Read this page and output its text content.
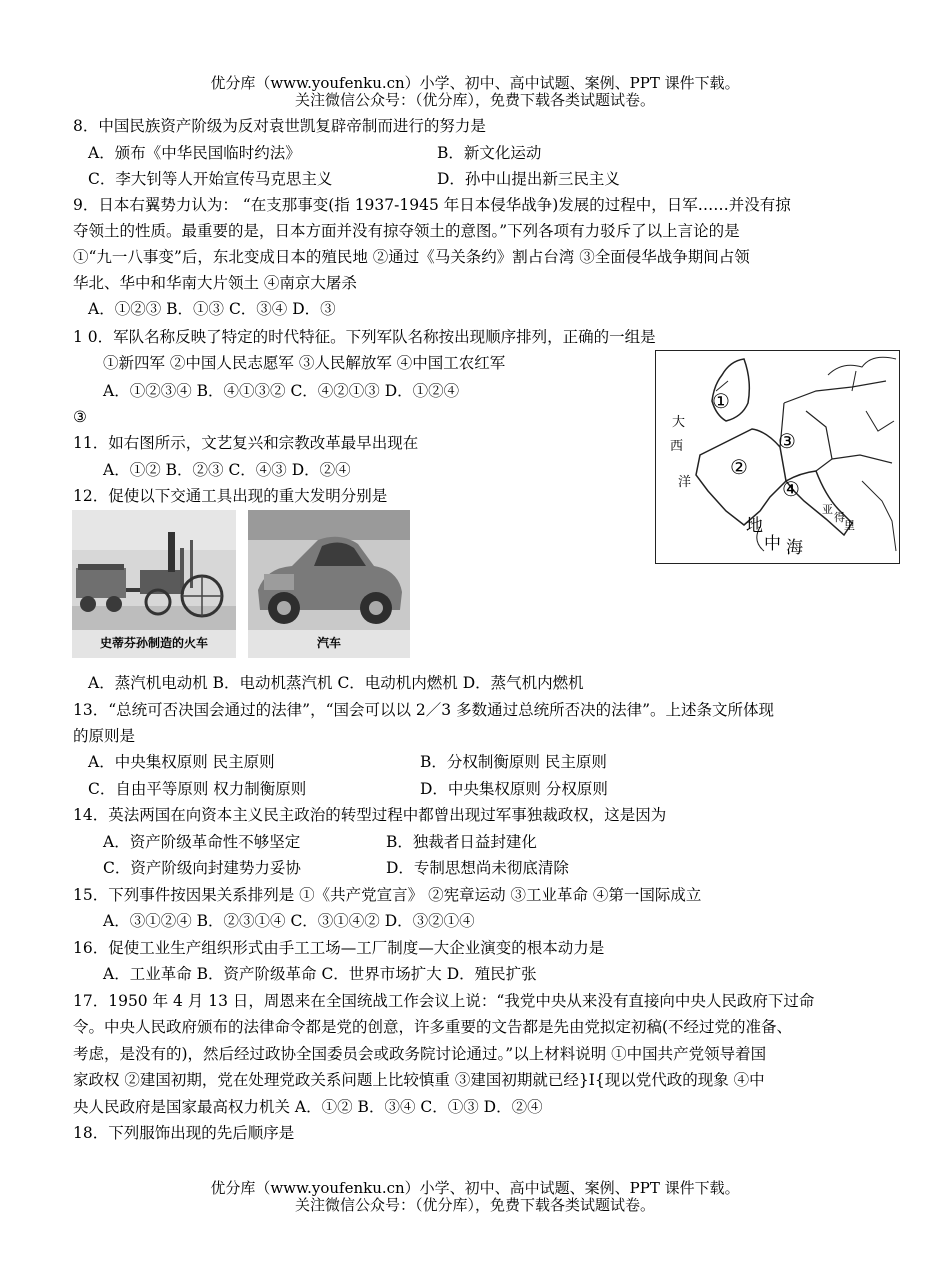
优分库（www.youfenku.cn）小学、初中、高中试题、案例、PPT 课件下载。
关注微信公众号：（优分库），免费下载各类试题试卷。
8．中国民族资产阶级为反对袁世凯复辟帝制而进行的努力是
A．颁布《中华民国临时约法》	B．新文化运动
C．李大钊等人开始宣传马克思主义	D．孙中山提出新三民主义
9．日本右翼势力认为： “在支那事变(指 1937-1945 年日本侵华战争)发展的过程中，日军……并没有掠
夺领土的性质。最重要的是，日本方面并没有掠夺领土的意图。”下列各项有力驳斥了以上言论的是
①“九一八事变”后，东北变成日本的殖民地 ②通过《马关条约》割占台湾 ③全面侵华战争期间占领
华北、华中和华南大片领土 ④南京大屠杀
A．①②③ B．①③ C．③④ D．③
1 0．军队名称反映了特定的时代特征。下列军队名称按出现顺序排列，正确的一组是
①新四军 ②中国人民志愿军 ③人民解放军 ④中国工农红军
A．①②③④ B．④①③② C．④②①③ D．①②④
③
11．如右图所示，文艺复兴和宗教改革最早出现在
A．①② B．②③ C．④③ D．②④
12．促使以下交通工具出现的重大发明分别是
史蒂芬孙制造的火车	汽车
①
②
③
④
大
西
洋
地
中 海
亚
得
里
A．蒸汽机电动机 B．电动机蒸汽机 C．电动机内燃机 D．蒸气机内燃机
13．“总统可否决国会通过的法律”，“国会可以以 2／3 多数通过总统所否决的法律”。上述条文所体现
的原则是
A．中央集权原则 民主原则	B．分权制衡原则 民主原则
C．自由平等原则 权力制衡原则	D．中央集权原则 分权原则
14．英法两国在向资本主义民主政治的转型过程中都曾出现过军事独裁政权，这是因为
A．资产阶级革命性不够坚定	B．独裁者日益封建化
C．资产阶级向封建势力妥协	D．专制思想尚未彻底清除
15．下列事件按因果关系排列是 ①《共产党宣言》 ②宪章运动 ③工业革命 ④第一国际成立
A．③①②④ B．②③①④ C．③①④② D．③②①④
16．促使工业生产组织形式由手工工场—工厂制度—大企业演变的根本动力是
A．工业革命 B．资产阶级革命 C．世界市场扩大 D．殖民扩张
17．1950 年 4 月 13 日，周恩来在全国统战工作会议上说：“我党中央从来没有直接向中央人民政府下过命
令。中央人民政府颁布的法律命令都是党的创意，许多重要的文告都是先由党拟定初稿(不经过党的准备、
考虑，是没有的)，然后经过政协全国委员会或政务院讨论通过。”以上材料说明 ①中国共产党领导着国
家政权 ②建国初期，党在处理党政关系问题上比较慎重 ③建国初期就已经}I{现以党代政的现象 ④中
央人民政府是国家最高权力机关 A．①② B．③④ C．①③ D．②④
18．下列服饰出现的先后顺序是
优分库（www.youfenku.cn）小学、初中、高中试题、案例、PPT 课件下载。
关注微信公众号：（优分库），免费下载各类试题试卷。
